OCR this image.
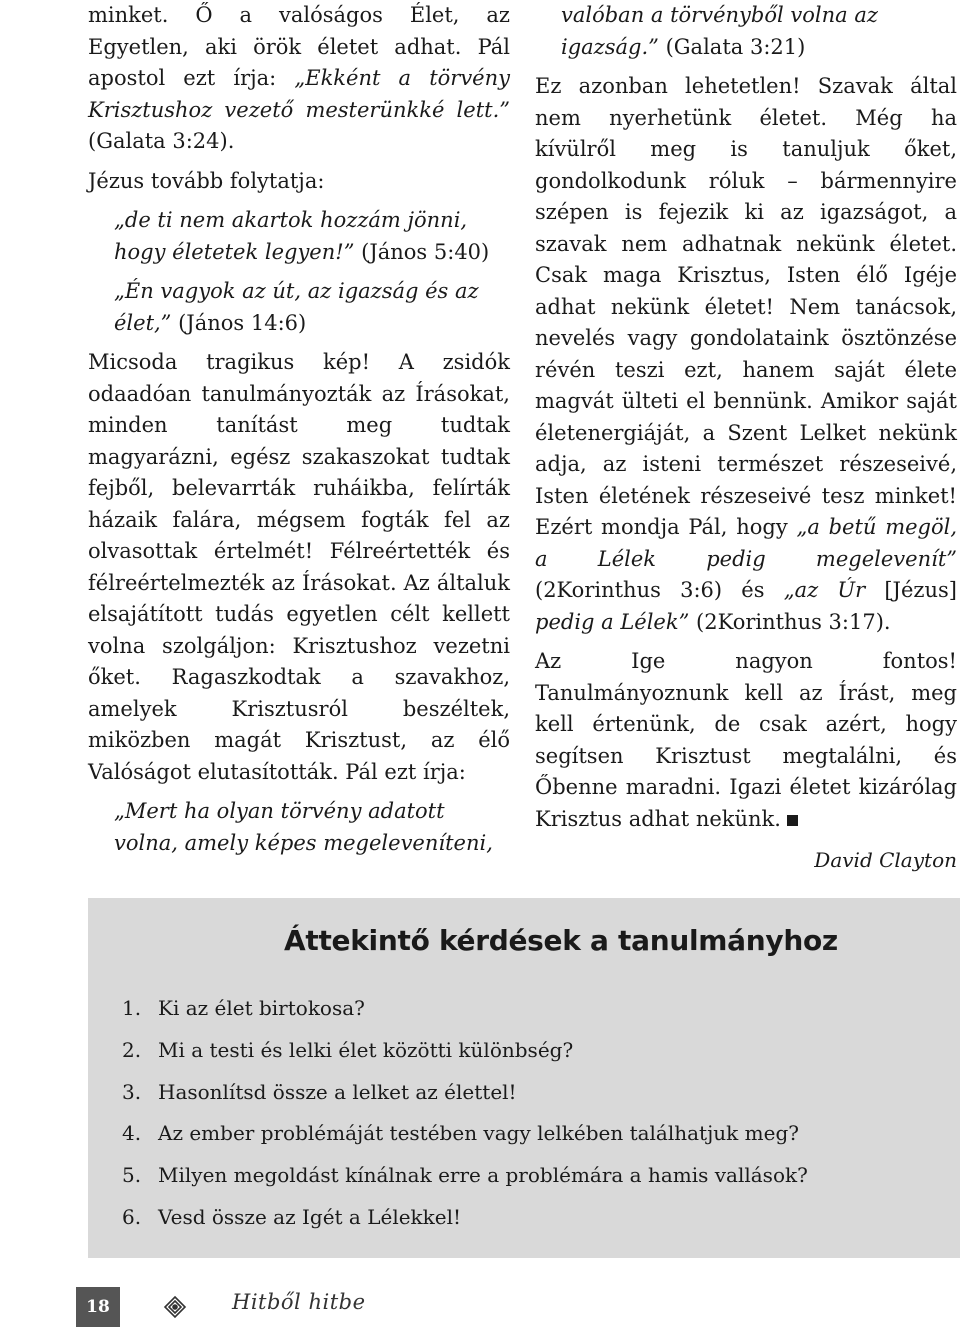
minket. Ő a valóságos Élet, az Egyetlen, aki örök életet adhat. Pál apostol ezt írja: „Ekként a törvény Krisztushoz vezető mesterünkké lett.” (Galata 3:24).

Jézus tovább folytatja:

„de ti nem akartok hozzám jönni, hogy életetek legyen!” (János 5:40)
„Én vagyok az út, az igazság és az élet,” (János 14:6)

Micsoda tragikus kép! A zsidók odaadóan tanulmányozták az Írásokat, minden tanítást meg tudtak magyarázni, egész szakaszokat tudtak fejből, belevarrták ruháikba, felírták házaik falára, mégsem fogták fel az olvasottak értelmét! Félreértették és félreértelmezték az Írásokat. Az általuk elsajátított tudás egyetlen célt kellett volna szolgáljon: Krisztushoz vezetni őket. Ragaszkodtak a szavakhoz, amelyek Krisztusról beszéltek, miközben magát Krisztust, az élő Valóságot elutasították. Pál ezt írja:

„Mert ha olyan törvény adatott volna, amely képes megeleveníteni,
valóban a törvényből volna az igazság.” (Galata 3:21)

Ez azonban lehetetlen! Szavak által nem nyerhetünk életet. Még ha kívülről meg is tanuljuk őket, gondolkodunk róluk – bármennyire szépen is fejezik ki az igazságot, a szavak nem adhatnak nekünk életet. Csak maga Krisztus, Isten élő Igéje adhat nekünk életet! Nem tanácsok, nevelés vagy gondolataink ösztönzése révén teszi ezt, hanem saját élete magvát ülteti el bennünk. Amikor saját életenergiáját, a Szent Lelket nekünk adja, az isteni természet részeseivé, Isten életének részeseivé tesz minket! Ezért mondja Pál, hogy „a betű megöl, a Lélek pedig megelevenít” (2Korinthus 3:6) és „az Úr [Jézus] pedig a Lélek” (2Korinthus 3:17).

Az Ige nagyon fontos! Tanulmányoznunk kell az Írást, meg kell értenünk, de csak azért, hogy segítsen Krisztust megtalálni, és Őbenne maradni. Igazi életet kizárólag Krisztus adhat nekünk.

David Clayton
Áttekintő kérdések a tanulmányhoz
1. Ki az élet birtokosa?
2. Mi a testi és lelki élet közötti különbség?
3. Hasonlítsd össze a lelket az élettel!
4. Az ember problémáját testében vagy lelkében találhatjuk meg?
5. Milyen megoldást kínálnak erre a problémára a hamis vallások?
6. Vesd össze az Igét a Lélekkel!
18	Hitből hitbe
